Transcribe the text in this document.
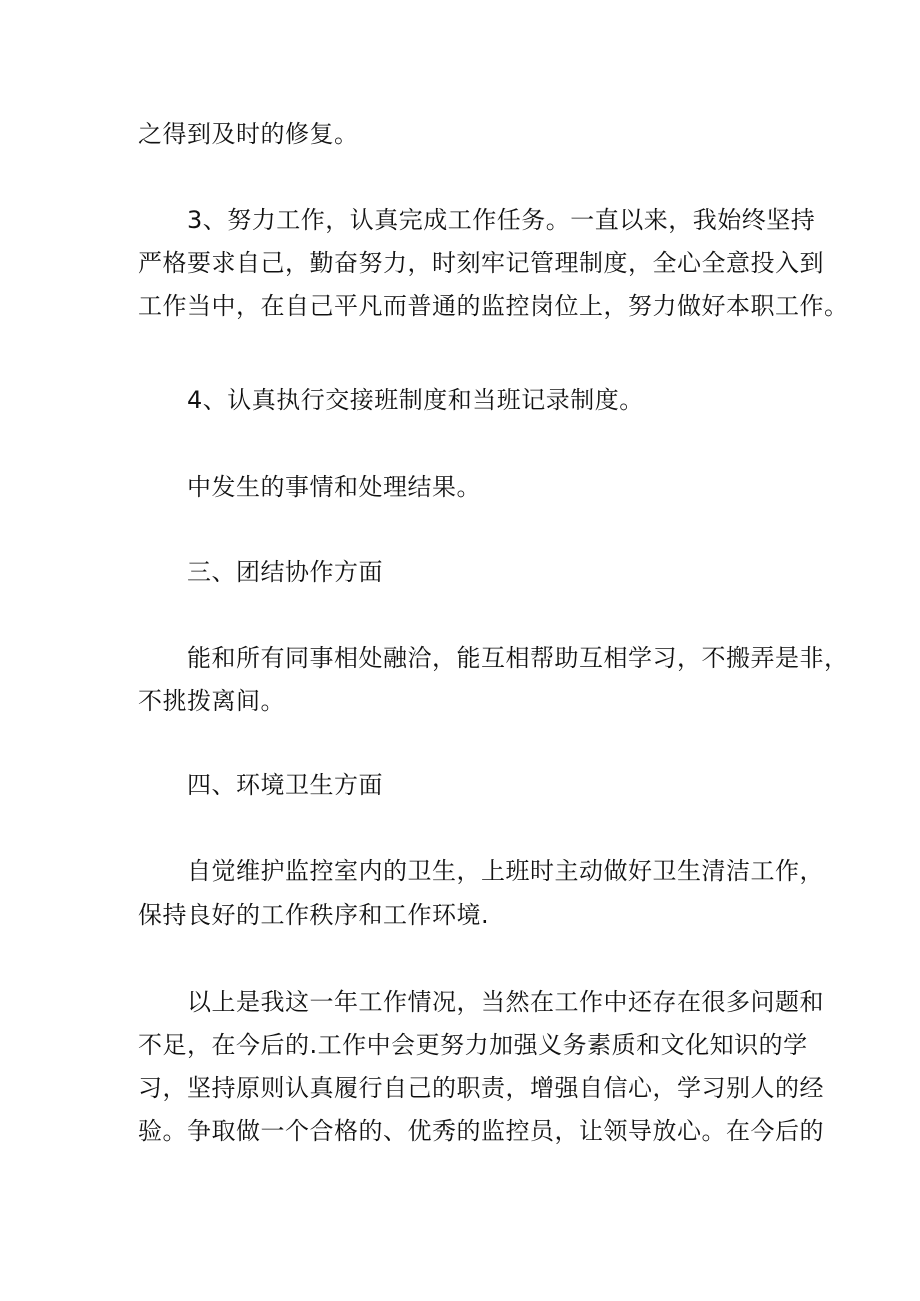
之得到及时的修复。
3、努力工作，认真完成工作任务。一直以来，我始终坚持
严格要求自己，勤奋努力，时刻牢记管理制度，全心全意投入到
工作当中，在自己平凡而普通的监控岗位上，努力做好本职工作。
4、认真执行交接班制度和当班记录制度。
中发生的事情和处理结果。
三、团结协作方面
能和所有同事相处融洽，能互相帮助互相学习，不搬弄是非，
不挑拨离间。
四、环境卫生方面
自觉维护监控室内的卫生，上班时主动做好卫生清洁工作，
保持良好的工作秩序和工作环境.
以上是我这一年工作情况，当然在工作中还存在很多问题和
不足，在今后的.工作中会更努力加强义务素质和文化知识的学
习，坚持原则认真履行自己的职责，增强自信心，学习别人的经
验。争取做一个合格的、优秀的监控员，让领导放心。在今后的
